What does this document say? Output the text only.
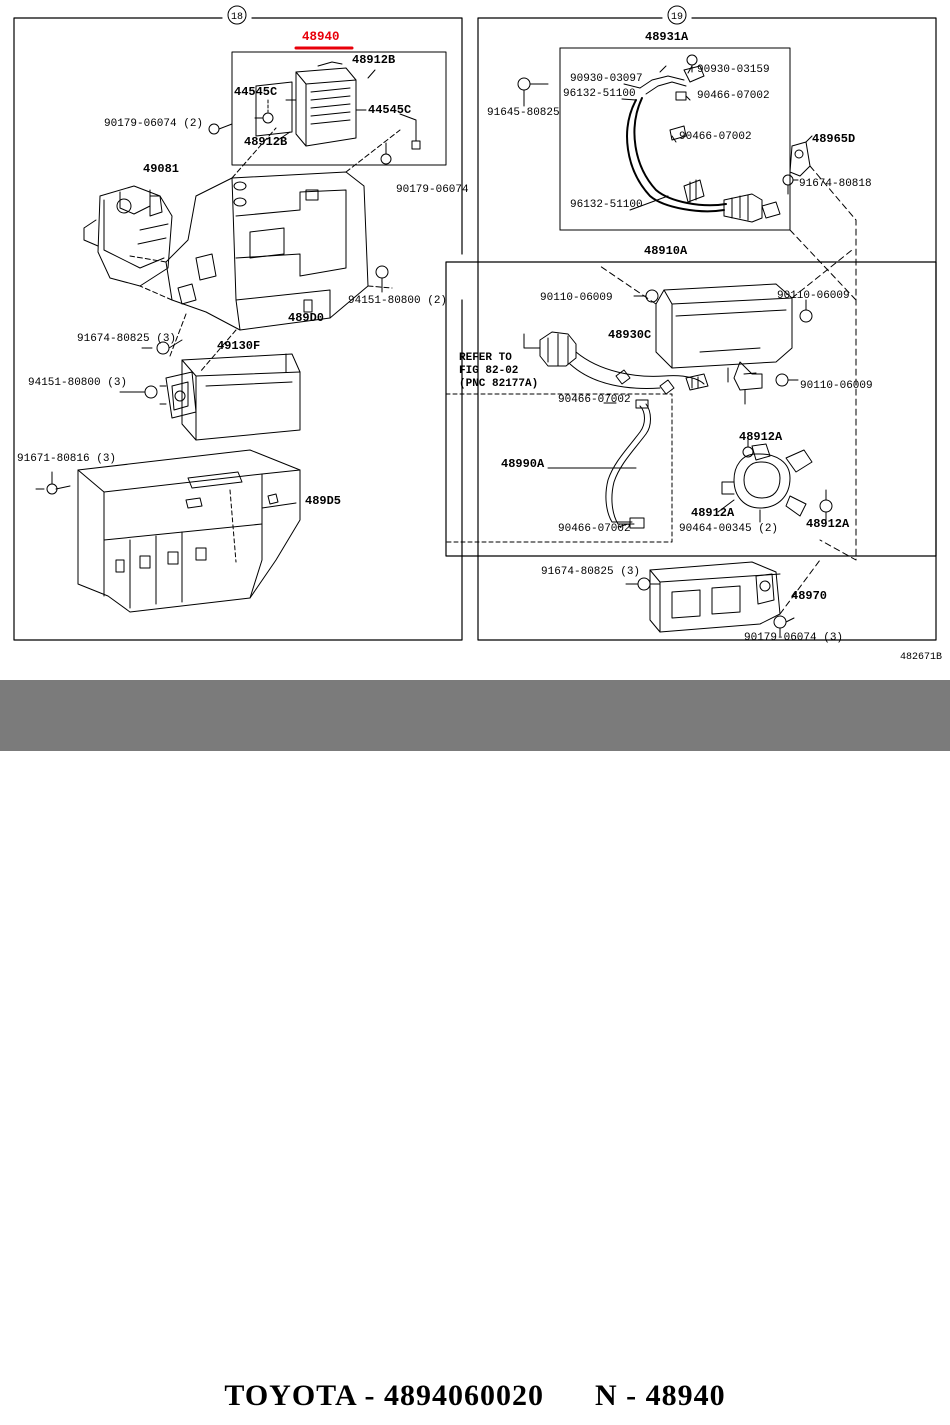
18	19
48940
48912B
44545C
44545C
48912B
90179-06074 (2)
90179-06074
49081
489D0
94151-80800 (2)
91674-80825 (3)	49130F
94151-80800 (3)
91671-80816 (3)
489D5
48931A
90930-03097
90930-03159
96132-51100	90466-07002
90466-07002
91645-80825
48965D
91674-80818
96132-51100
48910A
90110-06009	90110-06009
48930C
90110-06009
90466-07002
48990A
90466-07002
48912A
48912A
48912A
90464-00345 (2)
91674-80825 (3)
48970
90179-06074 (3)
REFER TO
FIG 82-02
(PNC 82177A)
482671B
TOYOTA - 4894060020 N - 48940
